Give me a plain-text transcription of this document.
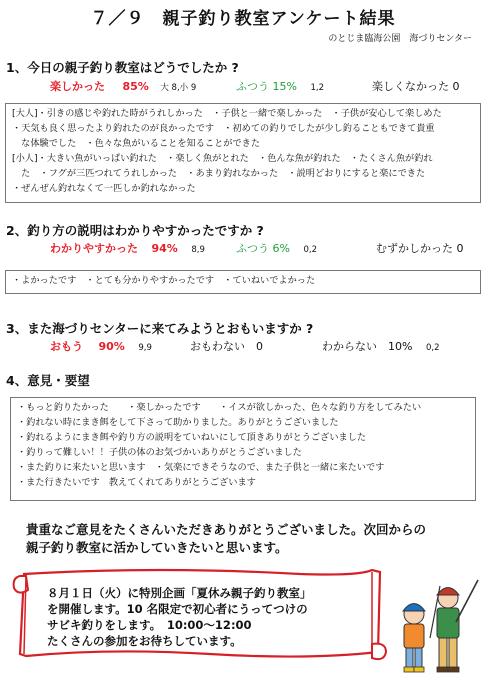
７／９　親子釣り教室アンケート結果
のとじま臨海公園　海づりセンター
1、今日の親子釣り教室はどうでしたか ?
楽しかった 85% 大 8,小 9	ふつう 15% 1,2	楽しくなかった 0
[大人]・引きの感じや釣れた時がうれしかった　・子供と一緒で楽しかった　・子供が安心して楽しめた
・天気も良く思ったより釣れたのが良かったです　・初めての釣りでしたが少し釣ることもできて貴重
　な体験でした　・色々な魚がいることを知ることができた
[小人]・大きい魚がいっぱい釣れた　・楽しく魚がとれた　・色んな魚が釣れた　・たくさん魚が釣れ
　た　・フグが三匹つれてうれしかった　・あまり釣れなかった　・説明どおりにすると楽にできた
・ぜんぜん釣れなくて一匹しか釣れなかった
2、釣り方の説明はわかりやすかったですか ?
わかりやすかった 94% 8,9	ふつう 6% 0,2	むずかしかった 0
・よかったです　・とても分かりやすかったです　・ていねいでよかった
3、また海づりセンターに来てみようとおもいますか ?
おもう 90% 9,9	おもわない　0	わからない　10% 0,2
4、意見・要望
・もっと釣りたかった　　・楽しかったです　　・イスが欲しかった、色々な釣り方をしてみたい
・釣れない時にまき餌をして下さって助かりました。ありがとうございました
・釣れるようにまき餌や釣り方の説明をていねいにして頂きありがとうございました
・釣りって難しい！！子供の体のお気づかいありがとうございました
・また釣りに来たいと思います　・気楽にできそうなので、また子供と一緒に来たいです
・また行きたいです　教えてくれてありがとうございます
貴重なご意見をたくさんいただきありがとうございました。次回からの
親子釣り教室に活かしていきたいと思います。
８月１日（火）に特別企画「夏休み親子釣り教室」
を開催します。10 名限定で初心者にうってつけの
サビキ釣りをします。　10:00〜12:00
たくさんの参加をお待ちしています。
